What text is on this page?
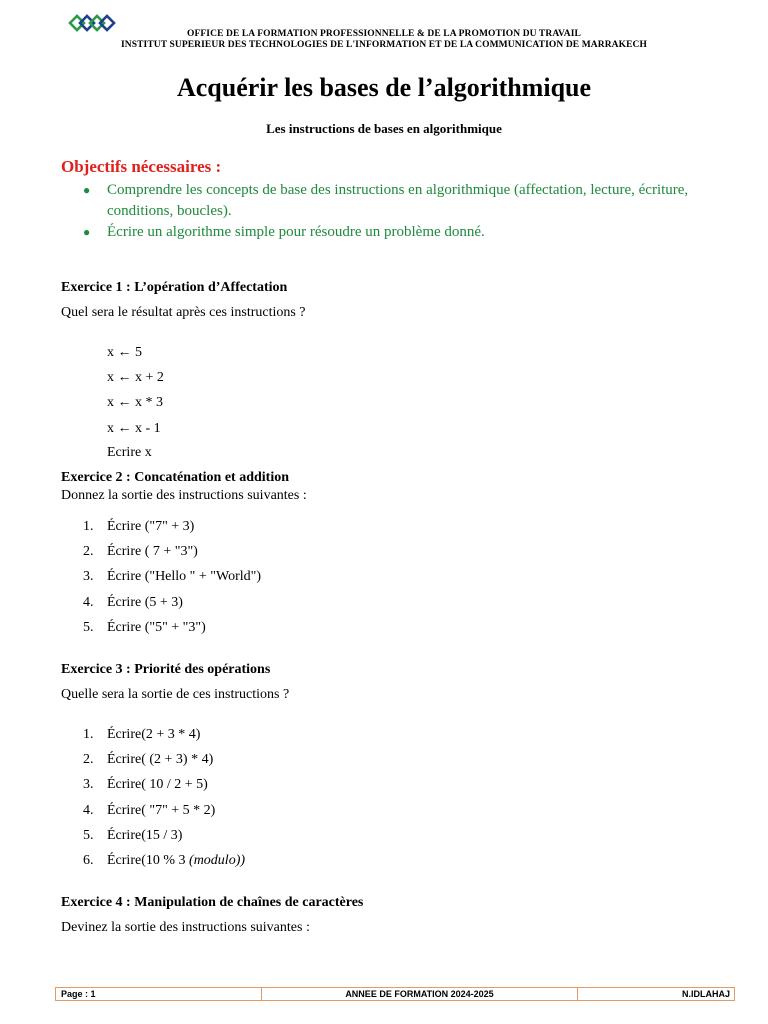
OFFICE DE LA FORMATION PROFESSIONNELLE & DE LA PROMOTION DU TRAVAIL
INSTITUT SUPERIEUR DES TECHNOLOGIES DE L'INFORMATION ET DE LA COMMUNICATION DE MARRAKECH
Acquérir les bases de l’algorithmique
Les instructions de bases en algorithmique
Objectifs nécessaires :
● Comprendre les concepts de base des instructions en algorithmique (affectation, lecture, écriture, conditions, boucles).
● Écrire un algorithme simple pour résoudre un problème donné.
Exercice 1 : L’opération d’Affectation
Quel sera le résultat après ces instructions ?
x ← 5
x ← x + 2
x ← x * 3
x ← x - 1
Ecrire x
Exercice 2 : Concaténation et addition
Donnez la sortie des instructions suivantes :
1. Écrire ("7" + 3)
2. Écrire ( 7 + "3")
3. Écrire ("Hello " + "World")
4. Écrire (5 + 3)
5. Écrire ("5" + "3")
Exercice 3 : Priorité des opérations
Quelle sera la sortie de ces instructions ?
1. Écrire(2 + 3 * 4)
2. Écrire( (2 + 3) * 4)
3. Écrire( 10 / 2 + 5)
4. Écrire( "7" + 5 * 2)
5. Écrire(15 / 3)
6. Écrire(10 % 3 (modulo))
Exercice 4 : Manipulation de chaînes de caractères
Devinez la sortie des instructions suivantes :
Page : 1	ANNEE DE FORMATION 2024-2025	N.IDLAHAJ
